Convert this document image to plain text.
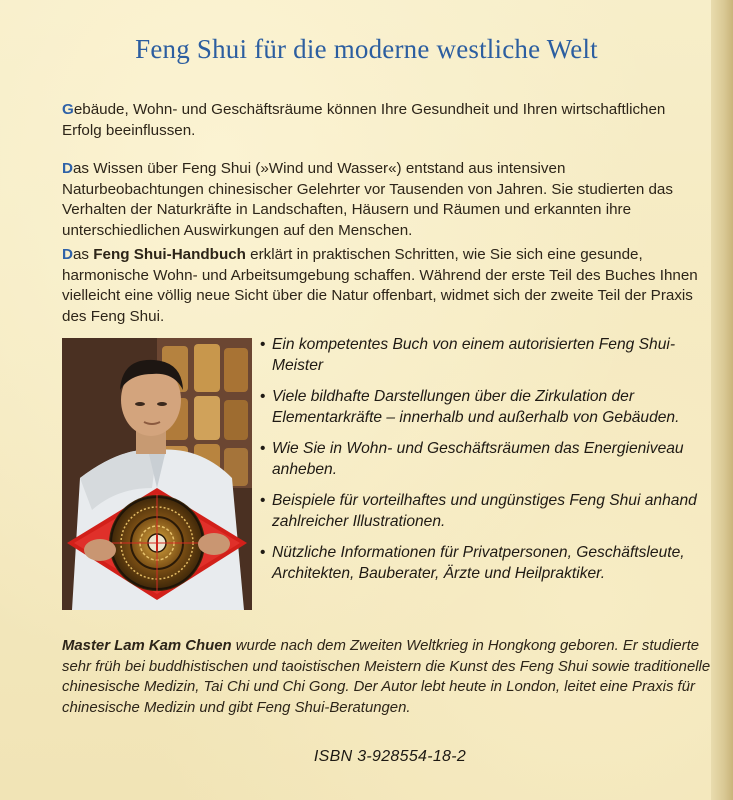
Feng Shui für die moderne westliche Welt
Gebäude, Wohn- und Geschäftsräume können Ihre Gesundheit und Ihren wirtschaftlichen Erfolg beeinflussen.
Das Wissen über Feng Shui (»Wind und Wasser«) entstand aus intensiven Naturbeobachtungen chinesischer Gelehrter vor Tausenden von Jahren. Sie studierten das Verhalten der Naturkräfte in Landschaften, Häusern und Räumen und erkannten ihre unterschiedlichen Auswirkungen auf den Menschen.
Das Feng Shui-Handbuch erklärt in praktischen Schritten, wie Sie sich eine gesunde, harmonische Wohn- und Arbeitsumgebung schaffen. Während der erste Teil des Buches Ihnen vielleicht eine völlig neue Sicht über die Natur offenbart, widmet sich der zweite Teil der Praxis des Feng Shui.
• Ein kompetentes Buch von einem autorisierten Feng Shui-Meister
• Viele bildhafte Darstellungen über die Zirkulation der Elementarkräfte – innerhalb und außerhalb von Gebäuden.
• Wie Sie in Wohn- und Geschäftsräumen das Energieniveau anheben.
• Beispiele für vorteilhaftes und ungünstiges Feng Shui anhand zahlreicher Illustrationen.
• Nützliche Informationen für Privatpersonen, Geschäftsleute, Architekten, Bauberater, Ärzte und Heilpraktiker.
Master Lam Kam Chuen wurde nach dem Zweiten Weltkrieg in Hongkong geboren. Er studierte sehr früh bei buddhistischen und taoistischen Meistern die Kunst des Feng Shui sowie traditionelle chinesische Medizin, Tai Chi und Chi Gong. Der Autor lebt heute in London, leitet eine Praxis für chinesische Medizin und gibt Feng Shui-Beratungen.
ISBN 3-928554-18-2
